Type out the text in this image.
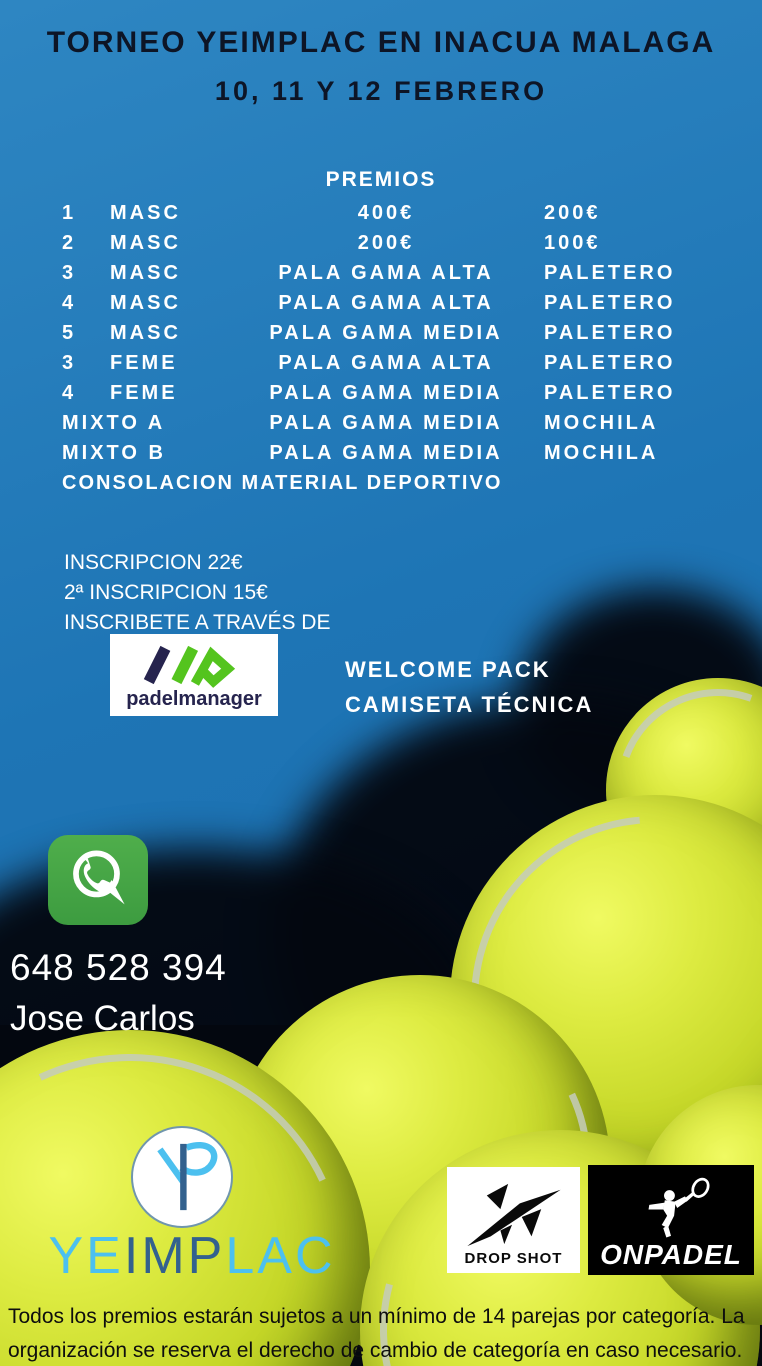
TORNEO YEIMPLAC EN INACUA MALAGA
10, 11 Y 12 FEBRERO
PREMIOS
1	MASC	400€	200€
2	MASC	200€	100€
3	MASC	PALA GAMA ALTA	PALETERO
4	MASC	PALA GAMA ALTA	PALETERO
5	MASC	PALA GAMA MEDIA	PALETERO
3	FEME	PALA GAMA ALTA	PALETERO
4	FEME	PALA GAMA MEDIA	PALETERO
MIXTO A	PALA GAMA MEDIA	MOCHILA
MIXTO B	PALA GAMA MEDIA	MOCHILA
CONSOLACION MATERIAL DEPORTIVO
INSCRIPCION 22€
2ª INSCRIPCION 15€
INSCRIBETE A TRAVÉS DE
padelmanager
WELCOME PACK
CAMISETA TÉCNICA
648 528 394
Jose Carlos
YEIMPLAC	DROP SHOT ONPADEL
Todos los premios estarán sujetos a un mínimo de 14 parejas por categoría. La organización se reserva el derecho de cambio de categoría en caso necesario.
